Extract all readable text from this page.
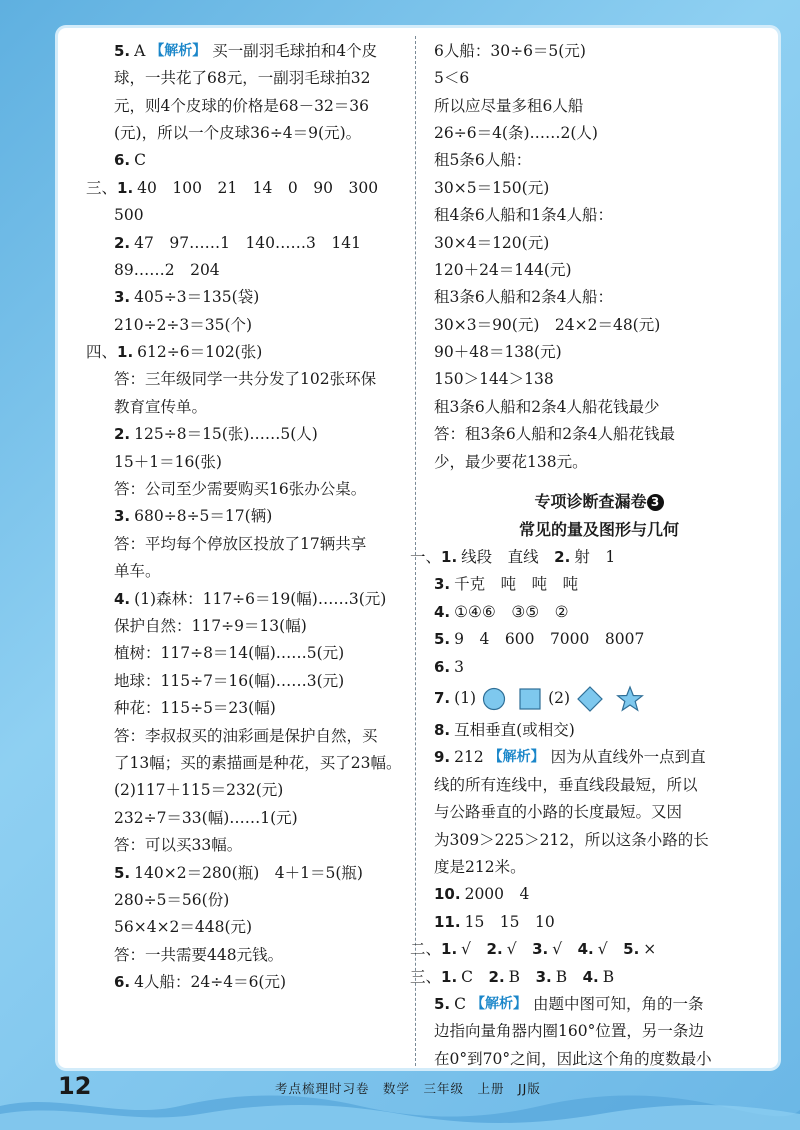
5. A
【解析】 买一副羽毛球拍和4个皮
球，一共花了68元，一副羽毛球拍32
元，则4个皮球的价格是68－32＝36
(元)，所以一个皮球36÷4＝9(元)。
6. C
三、 1. 40　100　21　14　0　90　300
500
2. 47　97……1　140……3　141
89……2　204
3. 405÷3＝135(袋)
210÷2÷3＝35(个)
四、 1. 612÷6＝102(张)
答：三年级同学一共分发了102张环保
教育宣传单。
2. 125÷8＝15(张)……5(人)
15＋1＝16(张)
答：公司至少需要购买16张办公桌。
3. 680÷8÷5＝17(辆)
答：平均每个停放区投放了17辆共享
单车。
4. (1)森林：117÷6＝19(幅)……3(元)
保护自然：117÷9＝13(幅)
植树：117÷8＝14(幅)……5(元)
地球：115÷7＝16(幅)……3(元)
种花：115÷5＝23(幅)
答：李叔叔买的油彩画是保护自然，买
了13幅；买的素描画是种花，买了23幅。
(2)117＋115＝232(元)
232÷7＝33(幅)……1(元)
答：可以买33幅。
5. 140×2＝280(瓶)　4＋1＝5(瓶)
280÷5＝56(份)
56×4×2＝448(元)
答：一共需要448元钱。
6. 4人船：24÷4＝6(元)
6人船：30÷6＝5(元)
5＜6
所以应尽量多租6人船
26÷6＝4(条)……2(人)
租5条6人船：
30×5＝150(元)
租4条6人船和1条4人船：
30×4＝120(元)
120＋24＝144(元)
租3条6人船和2条4人船：
30×3＝90(元)　24×2＝48(元)
90＋48＝138(元)
150＞144＞138
租3条6人船和2条4人船花钱最少
答：租3条6人船和2条4人船花钱最
少，最少要花138元。
专项诊断查漏卷 3
常见的量及图形与几何
一、 1. 线段　直线　 2. 射　1
3. 千克　吨　吨　吨
4. ①④⑥　③⑤　②
5. 9　4　600　7000　8007
6. 3
7. (1)	(2)
8. 互相垂直(或相交)
9. 212
【解析】 因为从直线外一点到直
线的所有连线中，垂直线段最短，所以
与公路垂直的小路的长度最短。又因
为309＞225＞212，所以这条小路的长
度是212米。
10. 2000　4
11. 15　15　10
二、 1. √　 2. √　 3. √　 4. √　 5. ×
三、 1. C　 2. B　 3. B　 4. B
5. C
【解析】 由题中图可知，角的一条
边指向量角器内圈160°位置，另一条边
在0°到70°之间，因此这个角的度数最小
12	考点梳理时习卷　数学　三年级　上册　JJ版
